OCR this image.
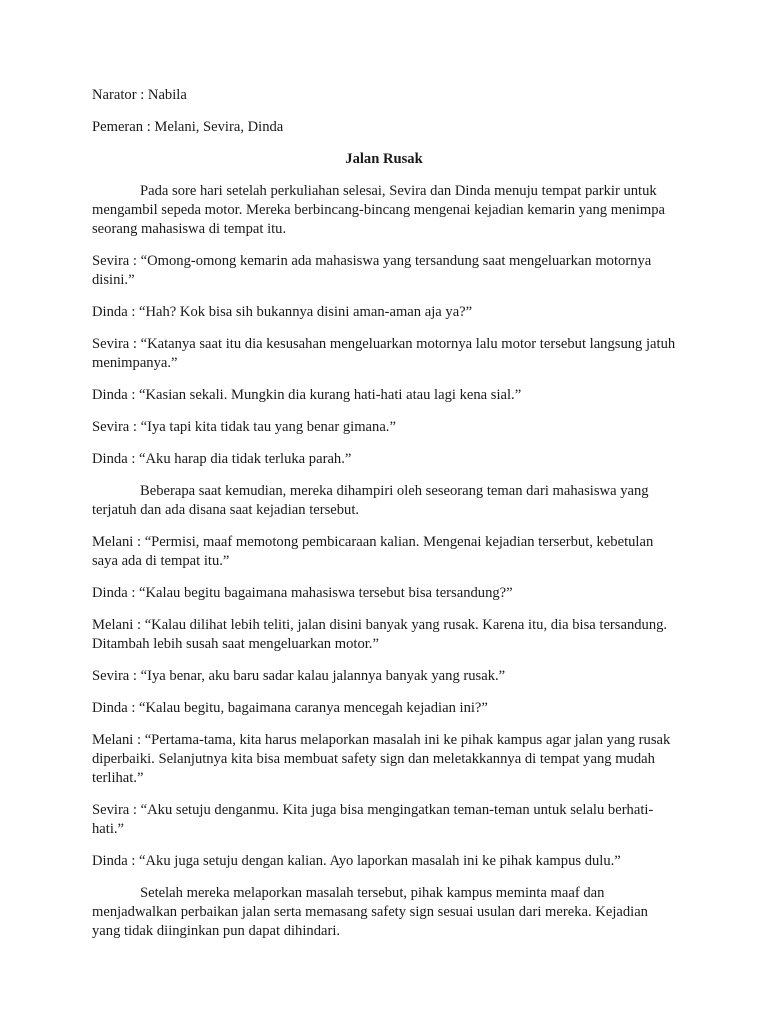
Narator : Nabila
Pemeran : Melani, Sevira, Dinda
Jalan Rusak
Pada sore hari setelah perkuliahan selesai, Sevira dan Dinda menuju tempat parkir untuk mengambil sepeda motor. Mereka berbincang-bincang mengenai kejadian kemarin yang menimpa seorang mahasiswa di tempat itu.
Sevira : “Omong-omong kemarin ada mahasiswa yang tersandung saat mengeluarkan motornya disini.”
Dinda : “Hah? Kok bisa sih bukannya disini aman-aman aja ya?”
Sevira : “Katanya saat itu dia kesusahan mengeluarkan motornya lalu motor tersebut langsung jatuh menimpanya.”
Dinda : “Kasian sekali. Mungkin dia kurang hati-hati atau lagi kena sial.”
Sevira : “Iya tapi kita tidak tau yang benar gimana.”
Dinda : “Aku harap dia tidak terluka parah.”
Beberapa saat kemudian, mereka dihampiri oleh seseorang teman dari mahasiswa yang terjatuh dan ada disana saat kejadian tersebut.
Melani : “Permisi, maaf memotong pembicaraan kalian. Mengenai kejadian terserbut, kebetulan saya ada di tempat itu.”
Dinda : “Kalau begitu bagaimana mahasiswa tersebut bisa tersandung?”
Melani : “Kalau dilihat lebih teliti, jalan disini banyak yang rusak. Karena itu, dia bisa tersandung. Ditambah lebih susah saat mengeluarkan motor.”
Sevira : “Iya benar, aku baru sadar kalau jalannya banyak yang rusak.”
Dinda : “Kalau begitu, bagaimana caranya mencegah kejadian ini?”
Melani : “Pertama-tama, kita harus melaporkan masalah ini ke pihak kampus agar jalan yang rusak diperbaiki. Selanjutnya kita bisa membuat safety sign dan meletakkannya di tempat yang mudah terlihat.”
Sevira : “Aku setuju denganmu. Kita juga bisa mengingatkan teman-teman untuk selalu berhati-hati.”
Dinda : “Aku juga setuju dengan kalian. Ayo laporkan masalah ini ke pihak kampus dulu.”
Setelah mereka melaporkan masalah tersebut, pihak kampus meminta maaf dan menjadwalkan perbaikan jalan serta memasang safety sign sesuai usulan dari mereka. Kejadian yang tidak diinginkan pun dapat dihindari.
